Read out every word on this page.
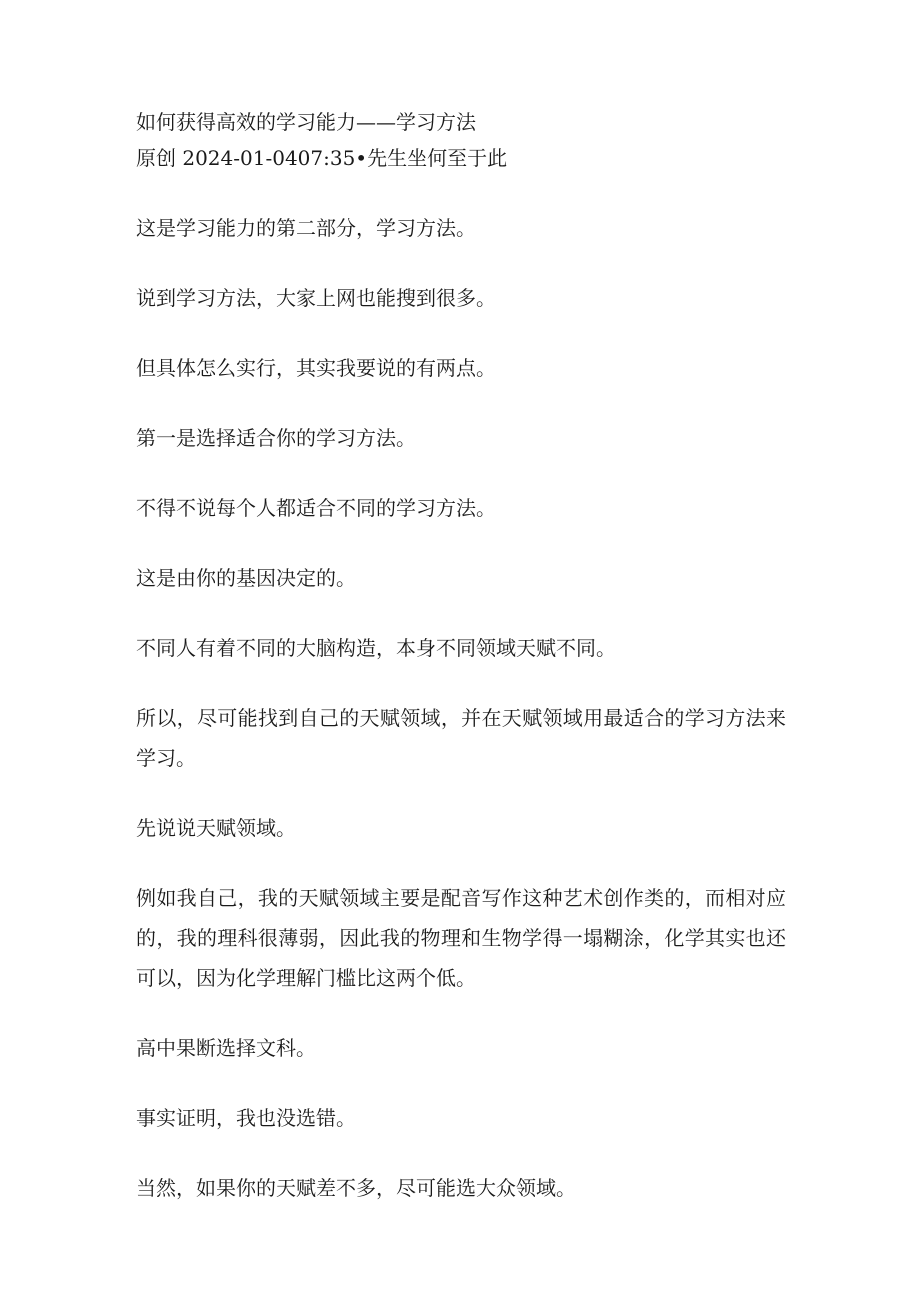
如何获得高效的学习能力——学习方法
原创 2024-01-0407:35•先生坐何至于此

这是学习能力的第二部分，学习方法。

说到学习方法，大家上网也能搜到很多。

但具体怎么实行，其实我要说的有两点。

第一是选择适合你的学习方法。

不得不说每个人都适合不同的学习方法。

这是由你的基因决定的。

不同人有着不同的大脑构造，本身不同领域天赋不同。

所以，尽可能找到自己的天赋领域，并在天赋领域用最适合的学习方法来学习。

先说说天赋领域。

例如我自己，我的天赋领域主要是配音写作这种艺术创作类的，而相对应的，我的理科很薄弱，因此我的物理和生物学得一塌糊涂，化学其实也还可以，因为化学理解门槛比这两个低。

高中果断选择文科。

事实证明，我也没选错。

当然，如果你的天赋差不多，尽可能选大众领域。
